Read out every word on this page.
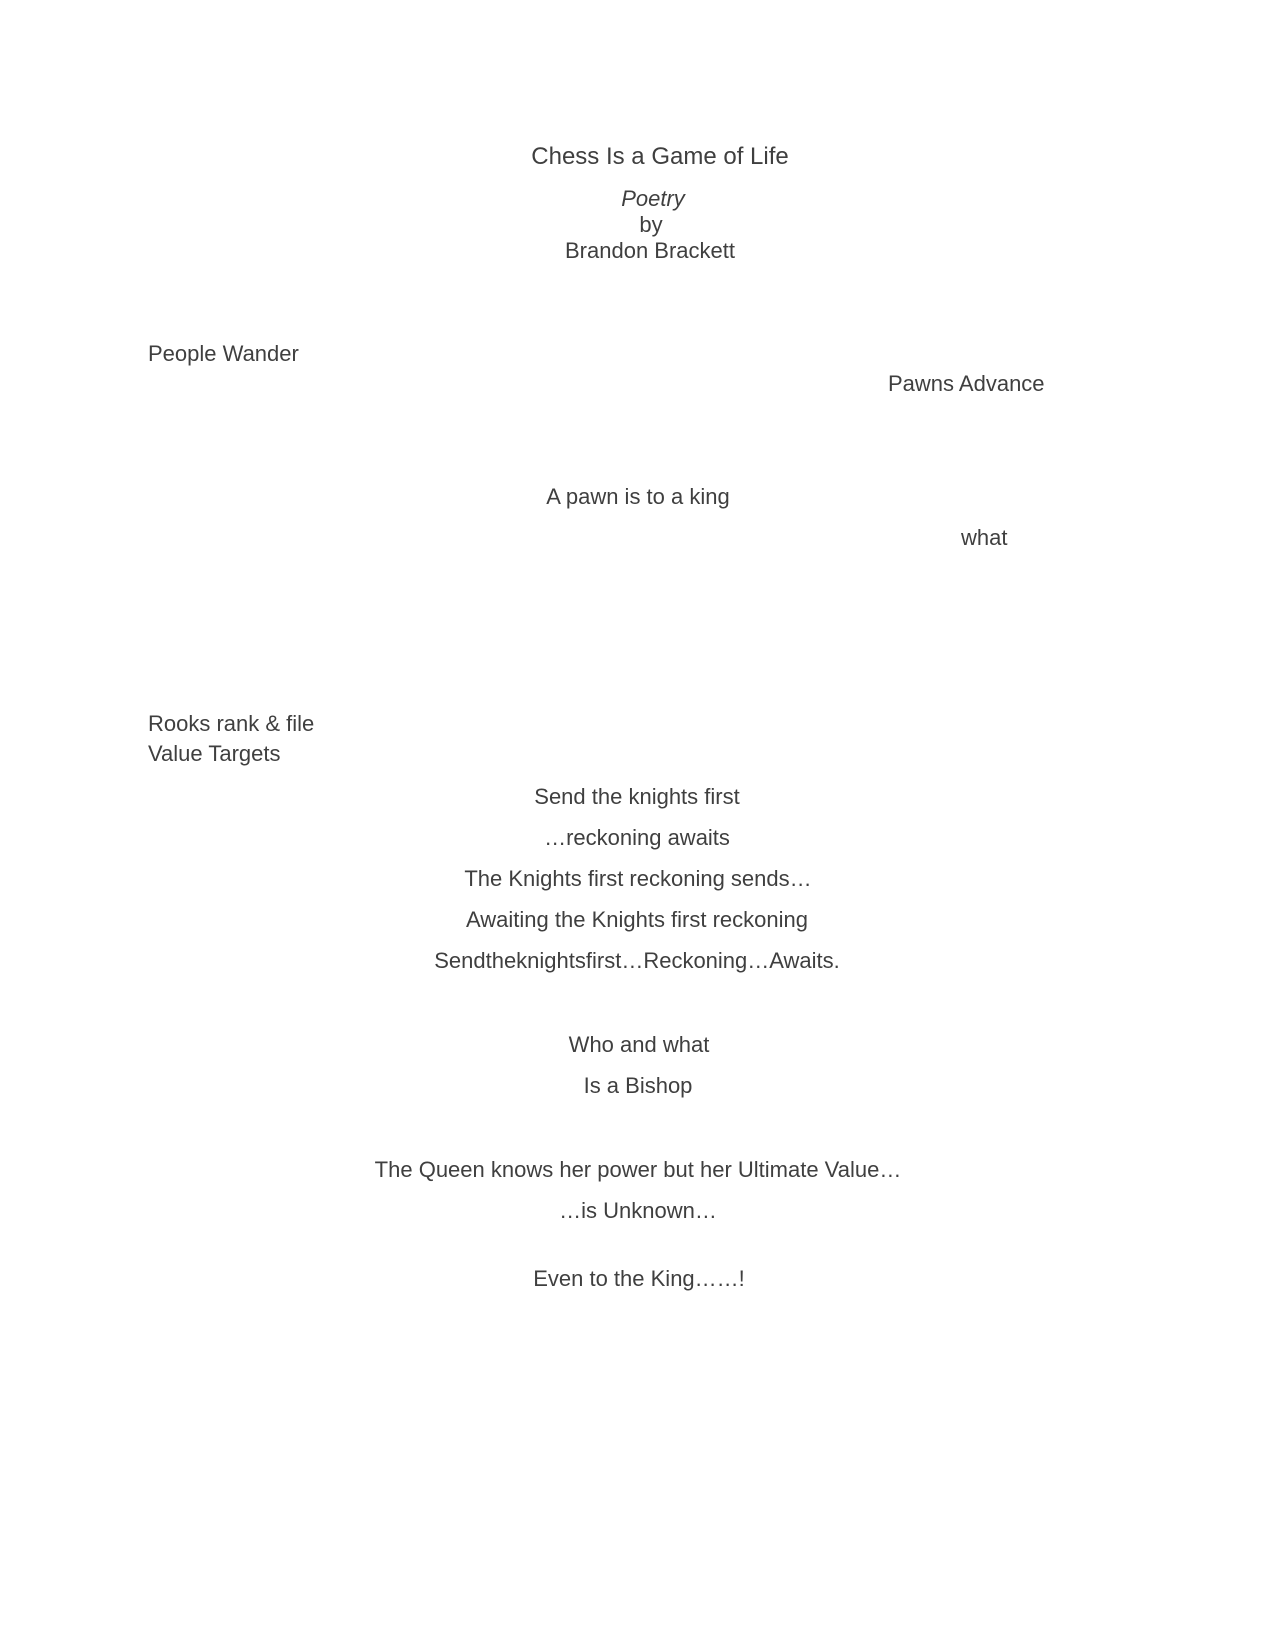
Chess Is a Game of Life
Poetry
by
Brandon Brackett
People Wander
Pawns Advance
A pawn is to a king
what
Rooks rank & file
Value Targets
Send the knights first
…reckoning awaits
The Knights first reckoning sends…
Awaiting the Knights first reckoning
Sendtheknightsfirst…Reckoning…Awaits.
Who and what
Is a Bishop
The Queen knows her power but her Ultimate Value…
…is Unknown…
Even to the King……!
